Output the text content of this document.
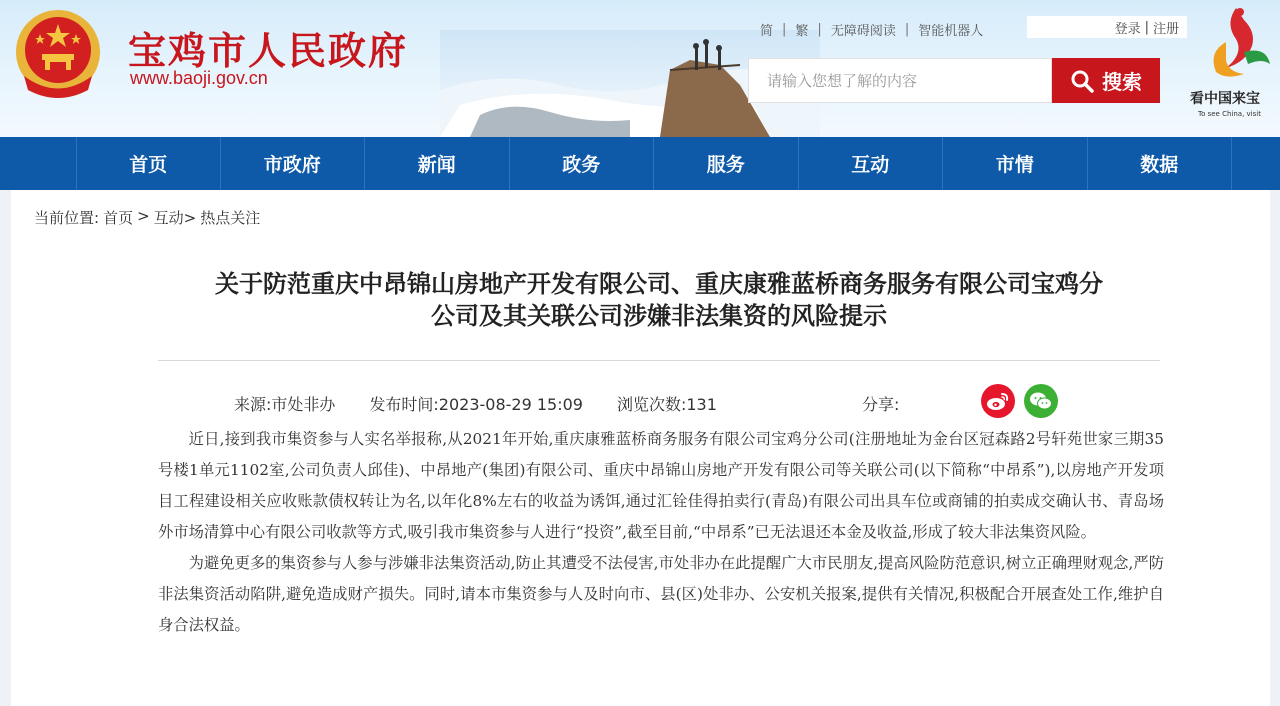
宝鸡市人民政府
www.baoji.gov.cn
简 | 繁 | 无障碍阅读 | 智能机器人	登录 | 注册
请输入您想了解的内容	搜索
看中国来宝
To see China, visit
首页	市政府	新闻	政务	服务	互动	市情	数据
当前位置: 首页 > 互动> 热点关注
关于防范重庆中昂锦山房地产开发有限公司、重庆康雅蓝桥商务服务有限公司宝鸡分
公司及其关联公司涉嫌非法集资的风险提示
来源:市处非办 发布时间:2023-08-29 15:09 浏览次数:131	分享:

近日,接到我市集资参与人实名举报称,从2021年开始,重庆康雅蓝桥商务服务有限公司宝鸡分公司(注册地址为金台区冠森路2号轩苑世家三期35号楼1单元1102室,公司负责人邱佳)、中昂地产(集团)有限公司、重庆中昂锦山房地产开发有限公司等关联公司(以下简称“中昂系”),以房地产开发项目工程建设相关应收账款债权转让为名,以年化8%左右的收益为诱饵,通过汇铨佳得拍卖行(青岛)有限公司出具车位或商铺的拍卖成交确认书、青岛场外市场清算中心有限公司收款等方式,吸引我市集资参与人进行“投资”,截至目前,“中昂系”已无法退还本金及收益,形成了较大非法集资风险。

为避免更多的集资参与人参与涉嫌非法集资活动,防止其遭受不法侵害,市处非办在此提醒广大市民朋友,提高风险防范意识,树立正确理财观念,严防非法集资活动陷阱,避免造成财产损失。同时,请本市集资参与人及时向市、县(区)处非办、公安机关报案,提供有关情况,积极配合开展查处工作,维护自身合法权益。
